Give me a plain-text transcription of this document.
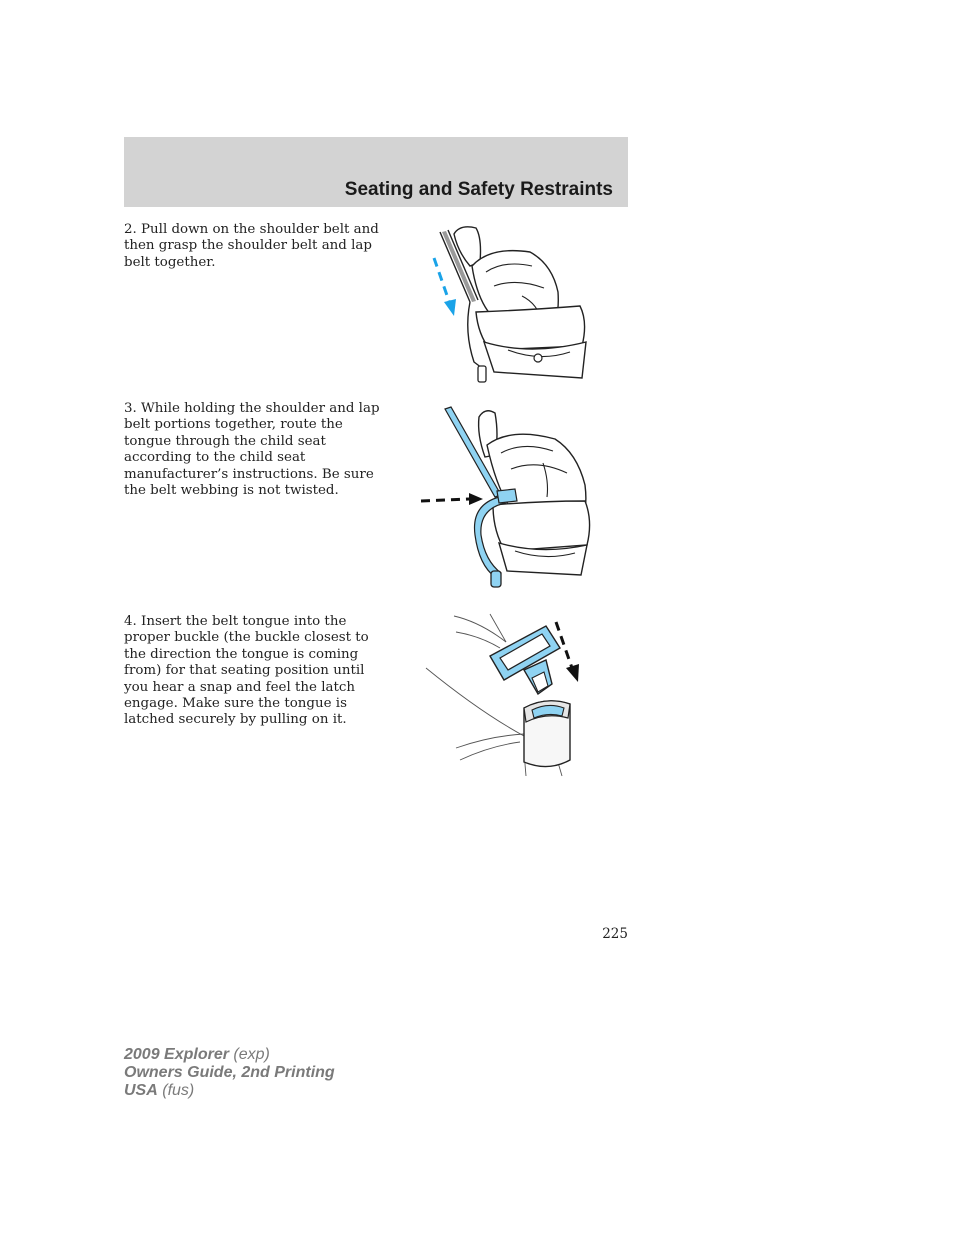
Seating and Safety Restraints

2. Pull down on the shoulder belt and then grasp the shoulder belt and lap belt together.

3. While holding the shoulder and lap belt portions together, route the tongue through the child seat according to the child seat manufacturer’s instructions. Be sure the belt webbing is not twisted.

4. Insert the belt tongue into the proper buckle (the buckle closest to the direction the tongue is coming from) for that seating position until you hear a snap and feel the latch engage. Make sure the tongue is latched securely by pulling on it.

225

2009 Explorer (exp)
Owners Guide, 2nd Printing
USA (fus)
